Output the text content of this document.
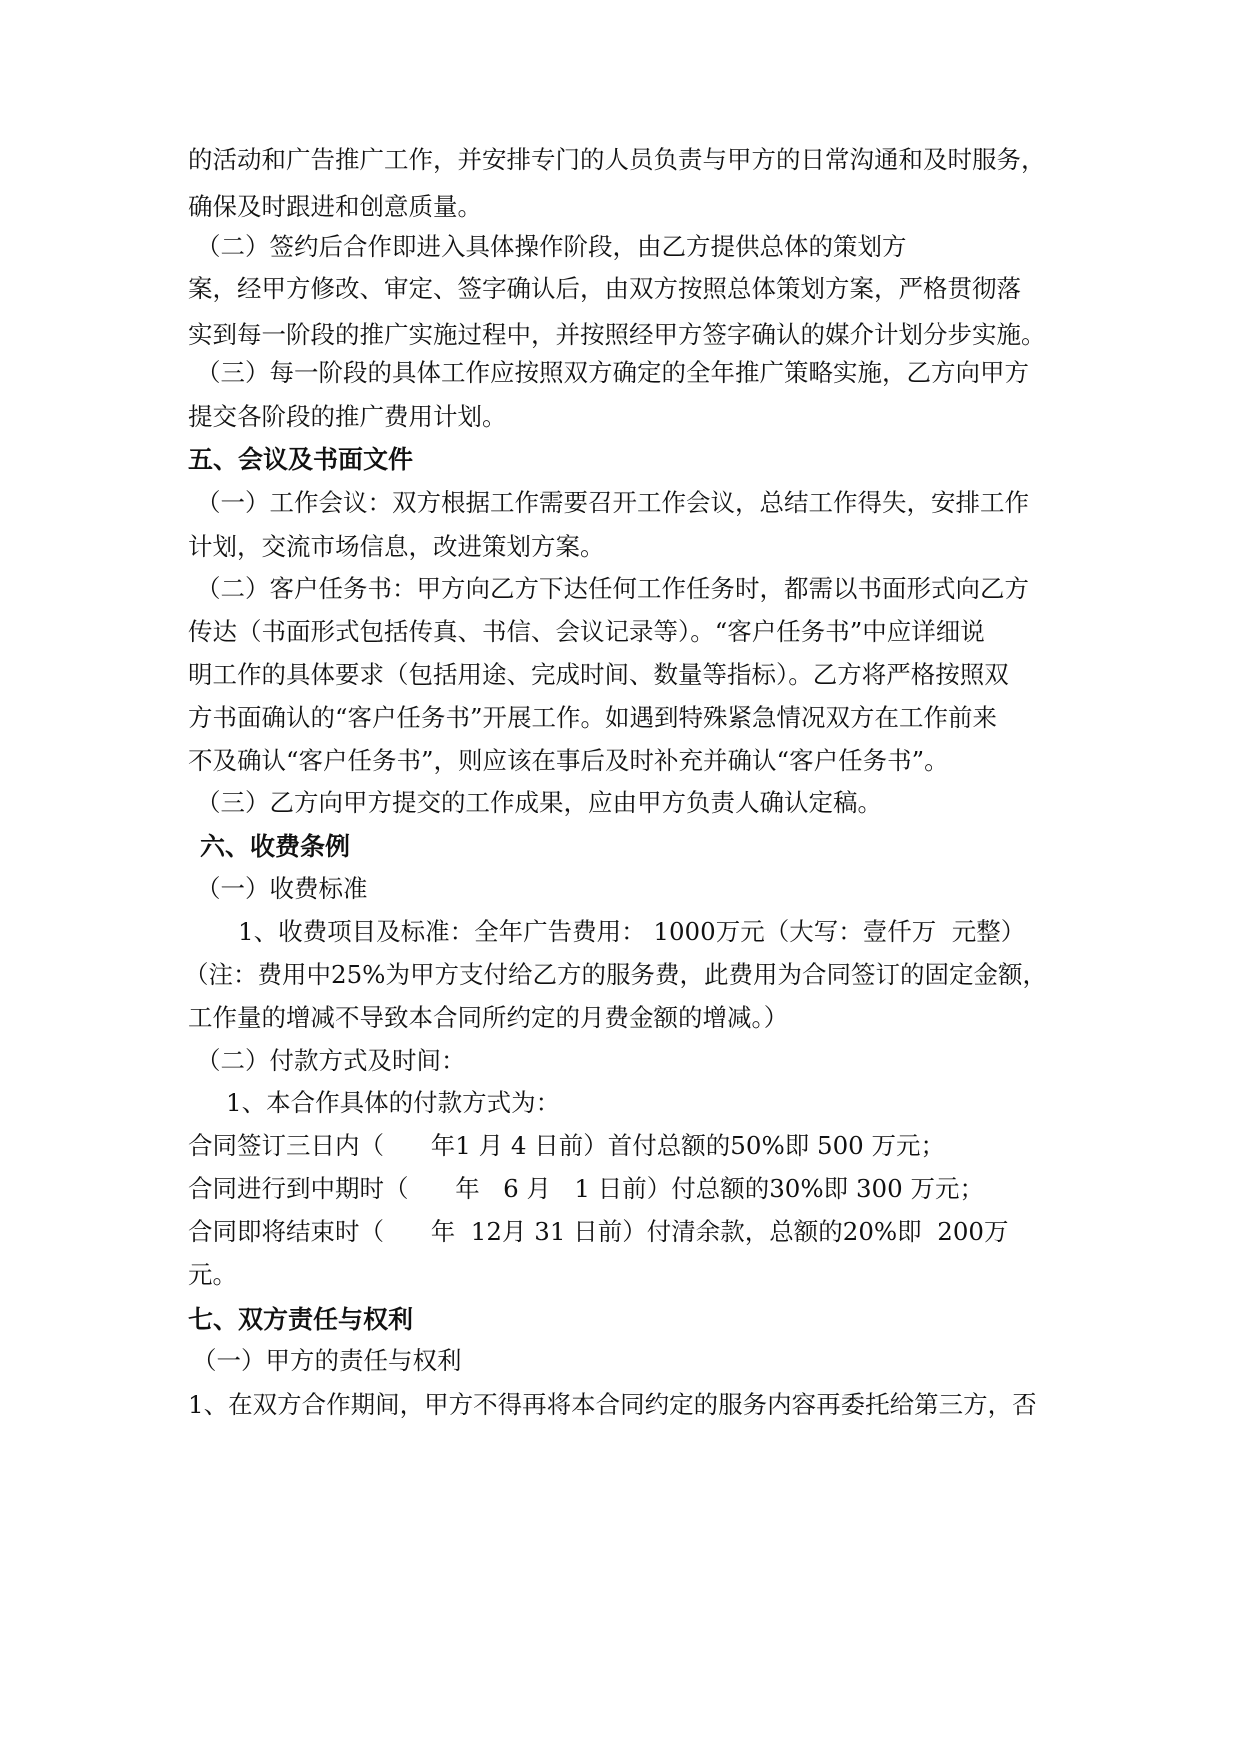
的活动和广告推广工作，并安排专门的人员负责与甲方的日常沟通和及时服务，

确保及时跟进和创意质量。

（二）签约后合作即进入具体操作阶段，由乙方提供总体的策划方

案，经甲方修改、审定、签字确认后，由双方按照总体策划方案，严格贯彻落

实到每一阶段的推广实施过程中，并按照经甲方签字确认的媒介计划分步实施。

（三）每一阶段的具体工作应按照双方确定的全年推广策略实施，乙方向甲方

提交各阶段的推广费用计划。

五、会议及书面文件

（一）工作会议：双方根据工作需要召开工作会议，总结工作得失，安排工作

计划，交流市场信息，改进策划方案。

（二）客户任务书：甲方向乙方下达任何工作任务时，都需以书面形式向乙方

传达（书面形式包括传真、书信、会议记录等）。“客户任务书”中应详细说

明工作的具体要求（包括用途、完成时间、数量等指标）。乙方将严格按照双

方书面确认的“客户任务书”开展工作。如遇到特殊紧急情况双方在工作前来

不及确认“客户任务书”，则应该在事后及时补充并确认“客户任务书”。

（三）乙方向甲方提交的工作成果，应由甲方负责人确认定稿。

六、收费条例

（一）收费标准

1、收费项目及标准：全年广告费用： 1000万元（大写：壹仟万  元整）

（注：费用中25%为甲方支付给乙方的服务费，此费用为合同签订的固定金额，

工作量的增减不导致本合同所约定的月费金额的增减。）

（二）付款方式及时间：

1、本合作具体的付款方式为：

合同签订三日内（      年1 月 4 日前）首付总额的50%即 500 万元；

合同进行到中期时（      年   6 月   1 日前）付总额的30%即 300 万元；

合同即将结束时（      年  12月 31 日前）付清余款，总额的20%即  200万

元。

七、双方责任与权利

（一）甲方的责任与权利

1、在双方合作期间，甲方不得再将本合同约定的服务内容再委托给第三方，否
